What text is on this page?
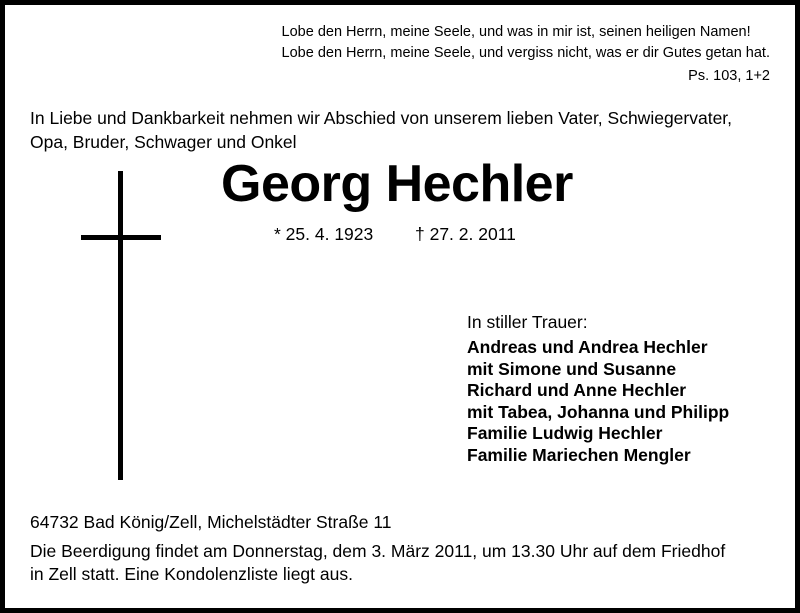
Lobe den Herrn, meine Seele, und was in mir ist, seinen heiligen Namen!
Lobe den Herrn, meine Seele, und vergiss nicht, was er dir Gutes getan hat.
Ps. 103, 1+2
In Liebe und Dankbarkeit nehmen wir Abschied von unserem lieben Vater, Schwiegervater,
Opa, Bruder, Schwager und Onkel
Georg Hechler
* 25. 4. 1923 † 27. 2. 2011
In stiller Trauer:
Andreas und Andrea Hechler
mit Simone und Susanne
Richard und Anne Hechler
mit Tabea, Johanna und Philipp
Familie Ludwig Hechler
Familie Mariechen Mengler
64732 Bad König/Zell, Michelstädter Straße 11
Die Beerdigung findet am Donnerstag, dem 3. März 2011, um 13.30 Uhr auf dem Friedhof
in Zell statt. Eine Kondolenzliste liegt aus.
